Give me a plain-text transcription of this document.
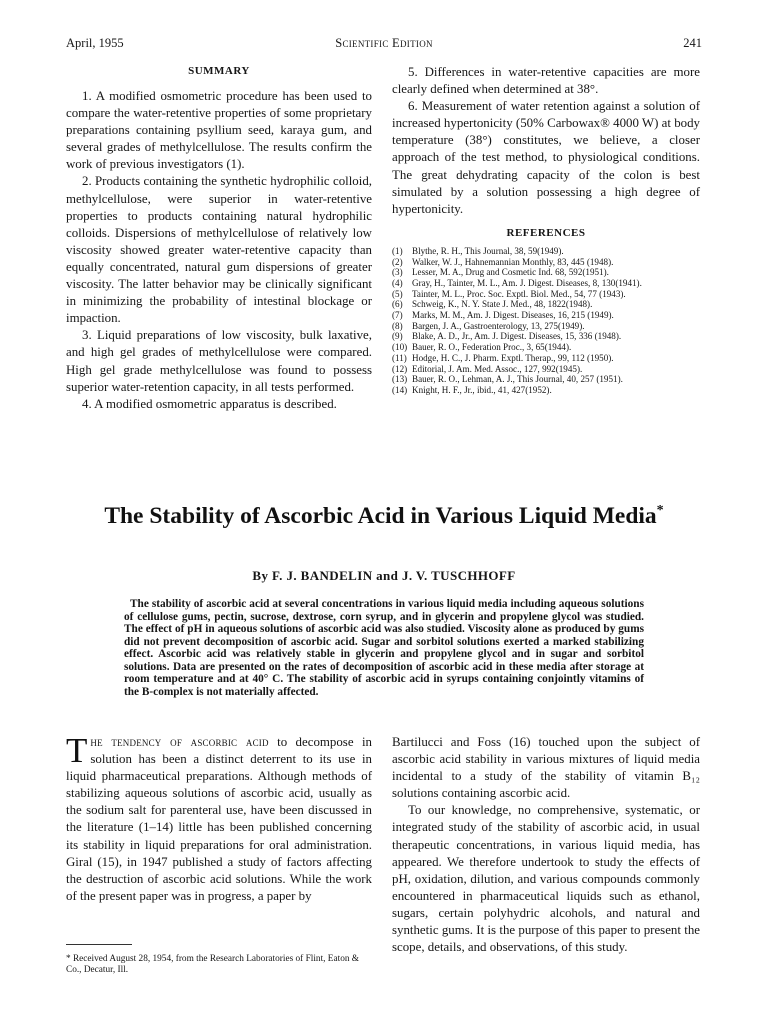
April, 1955	Scientific Edition	241
SUMMARY

1. A modified osmometric procedure has been used to compare the water-retentive properties of some proprietary preparations containing psyllium seed, karaya gum, and several grades of methylcellulose. The results confirm the work of previous investigators (1).

2. Products containing the synthetic hydrophilic colloid, methylcellulose, were superior in water-retentive properties to products containing natural hydrophilic colloids. Dispersions of methylcellulose of relatively low viscosity showed greater water-retentive capacity than equally concentrated, natural gum dispersions of greater viscosity. The latter behavior may be clinically significant in minimizing the probability of intestinal blockage or impaction.

3. Liquid preparations of low viscosity, bulk laxative, and high gel grades of methylcellulose were compared. High gel grade methylcellulose was found to possess superior water-retention capacity, in all tests performed.

4. A modified osmometric apparatus is described.

5. Differences in water-retentive capacities are more clearly defined when determined at 38°.

6. Measurement of water retention against a solution of increased hypertonicity (50% Carbowax® 4000 W) at body temperature (38°) constitutes, we believe, a closer approach of the test method, to physiological conditions. The great dehydrating capacity of the colon is best simulated by a solution possessing a high degree of hypertonicity.

REFERENCES
(1) Blythe, R. H., This Journal, 38, 59(1949).
(2) Walker, W. J., Hahnemannian Monthly, 83, 445 (1948).
(3) Lesser, M. A., Drug and Cosmetic Ind. 68, 592(1951).
(4) Gray, H., Tainter, M. L., Am. J. Digest. Diseases, 8, 130(1941).
(5) Tainter, M. L., Proc. Soc. Exptl. Biol. Med., 54, 77 (1943).
(6) Schweig, K., N. Y. State J. Med., 48, 1822(1948).
(7) Marks, M. M., Am. J. Digest. Diseases, 16, 215 (1949).
(8) Bargen, J. A., Gastroenterology, 13, 275(1949).
(9) Blake, A. D., Jr., Am. J. Digest. Diseases, 15, 336 (1948).
(10) Bauer, R. O., Federation Proc., 3, 65(1944).
(11) Hodge, H. C., J. Pharm. Exptl. Therap., 99, 112 (1950).
(12) Editorial, J. Am. Med. Assoc., 127, 992(1945).
(13) Bauer, R. O., Lehman, A. J., This Journal, 40, 257 (1951).
(14) Knight, H. F., Jr., ibid., 41, 427(1952).
The Stability of Ascorbic Acid in Various Liquid Media*

By F. J. BANDELIN and J. V. TUSCHHOFF

The stability of ascorbic acid at several concentrations in various liquid media including aqueous solutions of cellulose gums, pectin, sucrose, dextrose, corn syrup, and in glycerin and propylene glycol was studied. The effect of pH in aqueous solutions of ascorbic acid was also studied. Viscosity alone as produced by gums did not prevent decomposition of ascorbic acid. Sugar and sorbitol solutions exerted a marked stabilizing effect. Ascorbic acid was relatively stable in glycerin and propylene glycol and in sugar and sorbitol solutions. Data are presented on the rates of decomposition of ascorbic acid in these media after storage at room temperature and at 40° C. The stability of ascorbic acid in syrups containing conjointly vitamins of the B-complex is not materially affected.

The tendency of ascorbic acid to decompose in solution has been a distinct deterrent to its use in liquid pharmaceutical preparations. Although methods of stabilizing aqueous solutions of ascorbic acid, usually as the sodium salt for parenteral use, have been discussed in the literature (1–14) little has been published concerning its stability in liquid preparations for oral administration. Giral (15), in 1947 published a study of factors affecting the destruction of ascorbic acid solutions. While the work of the present paper was in progress, a paper by

Bartilucci and Foss (16) touched upon the subject of ascorbic acid stability in various mixtures of liquid media incidental to a study of the stability of vitamin B₁₂ solutions containing ascorbic acid.

To our knowledge, no comprehensive, systematic, or integrated study of the stability of ascorbic acid, in usual therapeutic concentrations, in various liquid media, has appeared. We therefore undertook to study the effects of pH, oxidation, dilution, and various compounds commonly encountered in pharmaceutical liquids such as ethanol, sugars, certain polyhydric alcohols, and natural and synthetic gums. It is the purpose of this paper to present the scope, details, and observations, of this study.

* Received August 28, 1954, from the Research Laboratories of Flint, Eaton & Co., Decatur, Ill.
